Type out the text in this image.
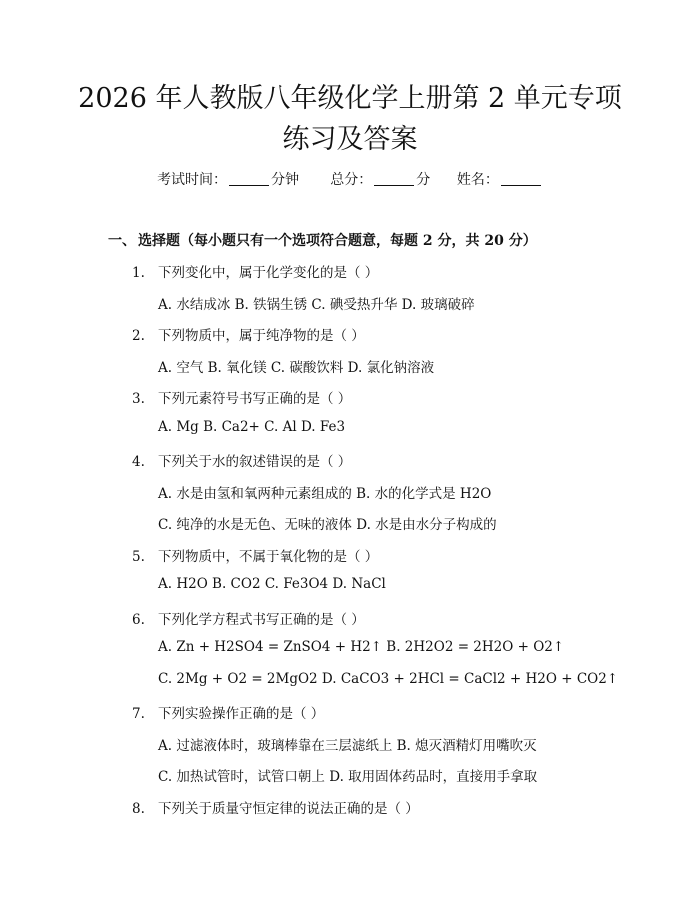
2026 年人教版八年级化学上册第 2 单元专项
练习及答案
考试时间：	分钟 总分：	分 姓名：
一、 选择题（每小题只有一个选项符合题意，每题 2 分，共 20 分）
1. 下列变化中，属于化学变化的是（ ）
A. 水结成冰 B. 铁锅生锈 C. 碘受热升华 D. 玻璃破碎
2. 下列物质中，属于纯净物的是（ ）
A. 空气 B. 氧化镁 C. 碳酸饮料 D. 氯化钠溶液
3. 下列元素符号书写正确的是（ ）
A. Mg B. Ca2+ C. Al D. Fe3
4. 下列关于水的叙述错误的是（ ）
A. 水是由氢和氧两种元素组成的 B. 水的化学式是 H2O
C. 纯净的水是无色、无味的液体 D. 水是由水分子构成的
5. 下列物质中，不属于氧化物的是（ ）
A. H2O B. CO2 C. Fe3O4 D. NaCl
6. 下列化学方程式书写正确的是（ ）
A. Zn + H2SO4 = ZnSO4 + H2↑ B. 2H2O2 = 2H2O + O2↑
C. 2Mg + O2 = 2MgO2 D. CaCO3 + 2HCl = CaCl2 + H2O + CO2↑
7. 下列实验操作正确的是（ ）
A. 过滤液体时，玻璃棒靠在三层滤纸上 B. 熄灭酒精灯用嘴吹灭
C. 加热试管时，试管口朝上 D. 取用固体药品时，直接用手拿取
8. 下列关于质量守恒定律的说法正确的是（ ）
